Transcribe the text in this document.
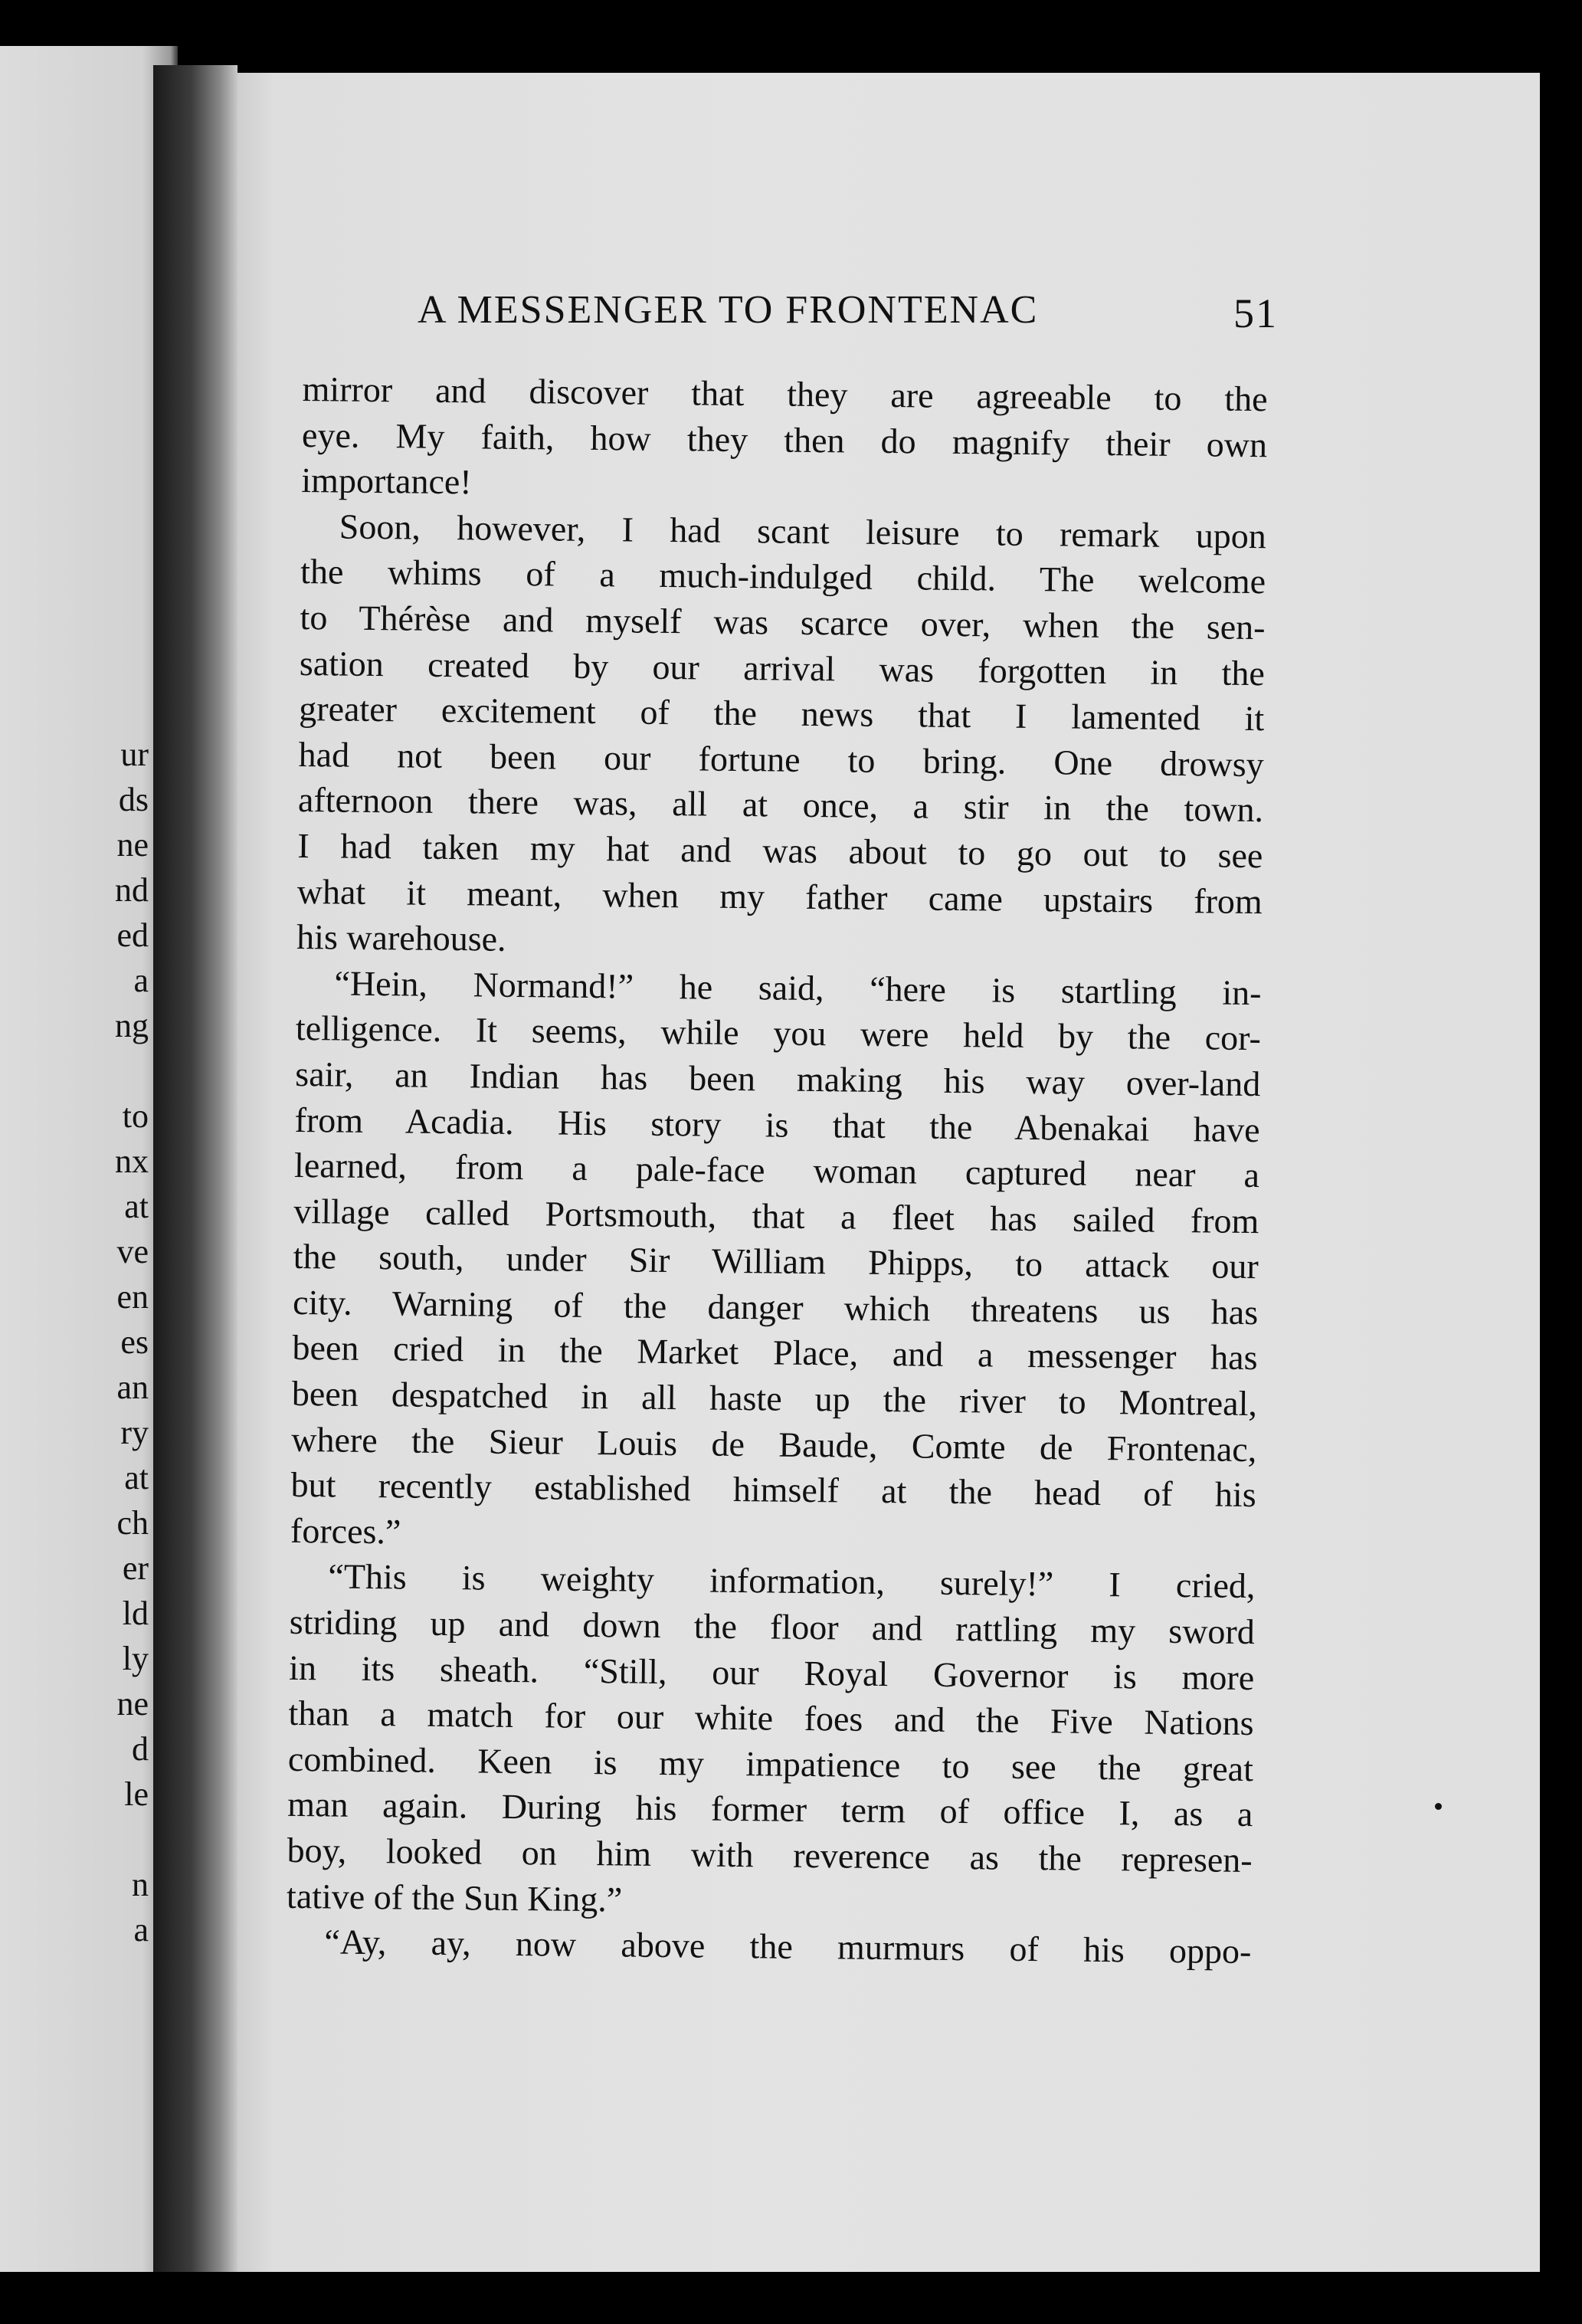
ur
ds
ne
nd
ed
a
ng
to
nx
at
ve
en
es
an
ry
at
ch
er
ld
ly
ne
d
le
n
a
A MESSENGER TO FRONTENAC	51
mirror and discover that they are agreeable to the
eye. My faith, how they then do magnify their own
importance!
Soon, however, I had scant leisure to remark upon
the whims of a much-indulged child. The welcome
to Thérèse and myself was scarce over, when the sen-
sation created by our arrival was forgotten in the
greater excitement of the news that I lamented it
had not been our fortune to bring. One drowsy
afternoon there was, all at once, a stir in the town.
I had taken my hat and was about to go out to see
what it meant, when my father came upstairs from
his warehouse.
“Hein, Normand!” he said, “here is startling in-
telligence. It seems, while you were held by the cor-
sair, an Indian has been making his way over-land
from Acadia. His story is that the Abenakai have
learned, from a pale-face woman captured near a
village called Portsmouth, that a fleet has sailed from
the south, under Sir William Phipps, to attack our
city. Warning of the danger which threatens us has
been cried in the Market Place, and a messenger has
been despatched in all haste up the river to Montreal,
where the Sieur Louis de Baude, Comte de Frontenac,
but recently established himself at the head of his
forces.”
“This is weighty information, surely!” I cried,
striding up and down the floor and rattling my sword
in its sheath. “Still, our Royal Governor is more
than a match for our white foes and the Five Nations
combined. Keen is my impatience to see the great
man again. During his former term of office I, as a
boy, looked on him with reverence as the represen-
tative of the Sun King.”
“Ay, ay, now above the murmurs of his oppo-
